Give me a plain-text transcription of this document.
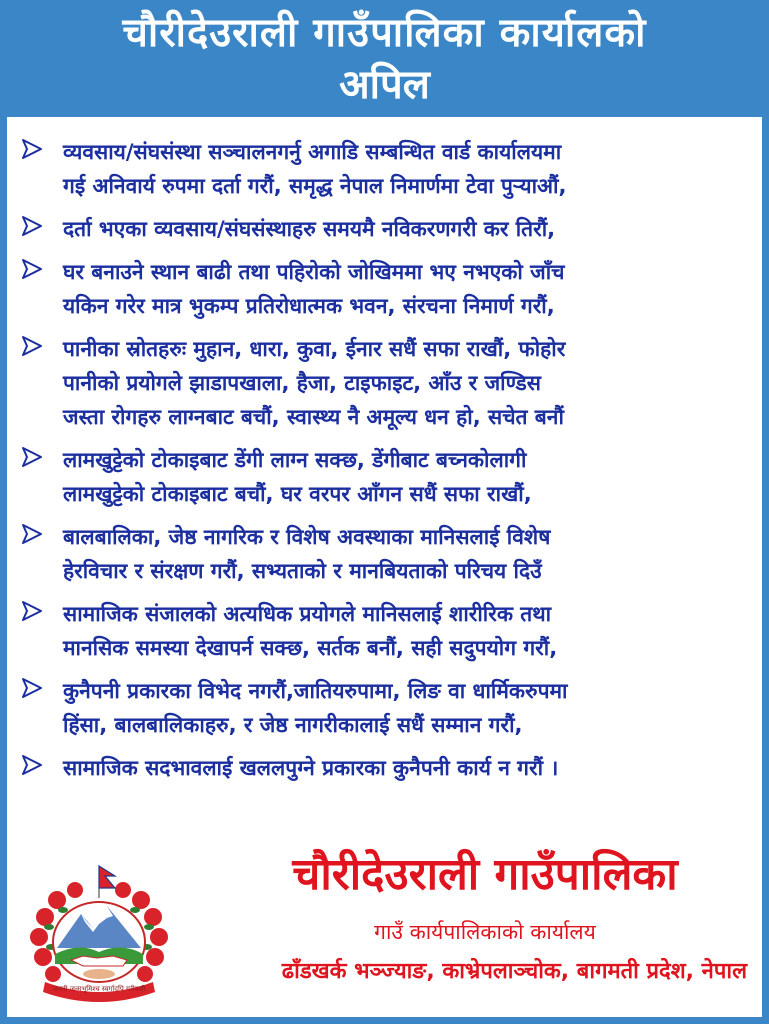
चौरीदेउराली गाउँपालिका कार्यालको
अपिल
व्यवसाय/संघसंस्था सञ्चालनगर्नु अगाडि सम्बन्धित वार्ड कार्यालयमा
गई अनिवार्य रुपमा दर्ता गरौं, समृद्ध नेपाल निमार्णमा टेवा पुऱ्याऔं,
दर्ता भएका व्यवसाय/संघसंस्थाहरु समयमै नविकरणगरी कर तिरौं,
घर बनाउने स्थान बाढी तथा पहिरोको जोखिममा भए नभएको जाँच
यकिन गरेर मात्र भुकम्प प्रतिरोधात्मक भवन, संरचना निमार्ण गरौं,
पानीका स्रोतहरुः मुहान, धारा, कुवा, ईनार सधैं सफा राखौं, फोहोर
पानीको प्रयोगले झाडापखाला, हैजा, टाइफाइट, आँउ र जण्डिस
जस्ता रोगहरु लाग्नबाट बचौं, स्वास्थ्य नै अमूल्य धन हो, सचेत बनौं
लामखुट्टेको टोकाइबाट डेंगी लाग्न सक्छ, डेंगीबाट बच्नकोलागी
लामखुट्टेको टोकाइबाट बचौं, घर वरपर आँगन सधैं सफा राखौं,
बालबालिका, जेष्ठ नागरिक र विशेष अवस्थाका मानिसलाई विशेष
हेरविचार र संरक्षण गरौं, सभ्यताको र मानबियताको परिचय दिउँ
सामाजिक संजालको अत्यधिक प्रयोगले मानिसलाई शारीरिक तथा
मानसिक समस्या देखापर्न सक्छ, सर्तक बनौं, सही सदुपयोग गरौं,
कुनैपनी प्रकारका विभेद नगरौं,जातियरुपामा, लिङ वा धार्मिकरुपमा
हिंसा, बालबालिकाहरु, र जेष्ठ नागरीकालाई सधैं सम्मान गरौं,
सामाजिक सदभावलाई खललपुग्ने प्रकारका कुनैपनी कार्य न गरौं ।
जननी जन्मभूमिश्च स्वर्गादपि गरीयसी
चौरीदेउराली गाउँपालिका
गाउँ कार्यपालिकाको कार्यालय
ढाँडखर्क भञ्ज्याङ, काभ्रेपलाञ्चोक, बागमती प्रदेश, नेपाल
